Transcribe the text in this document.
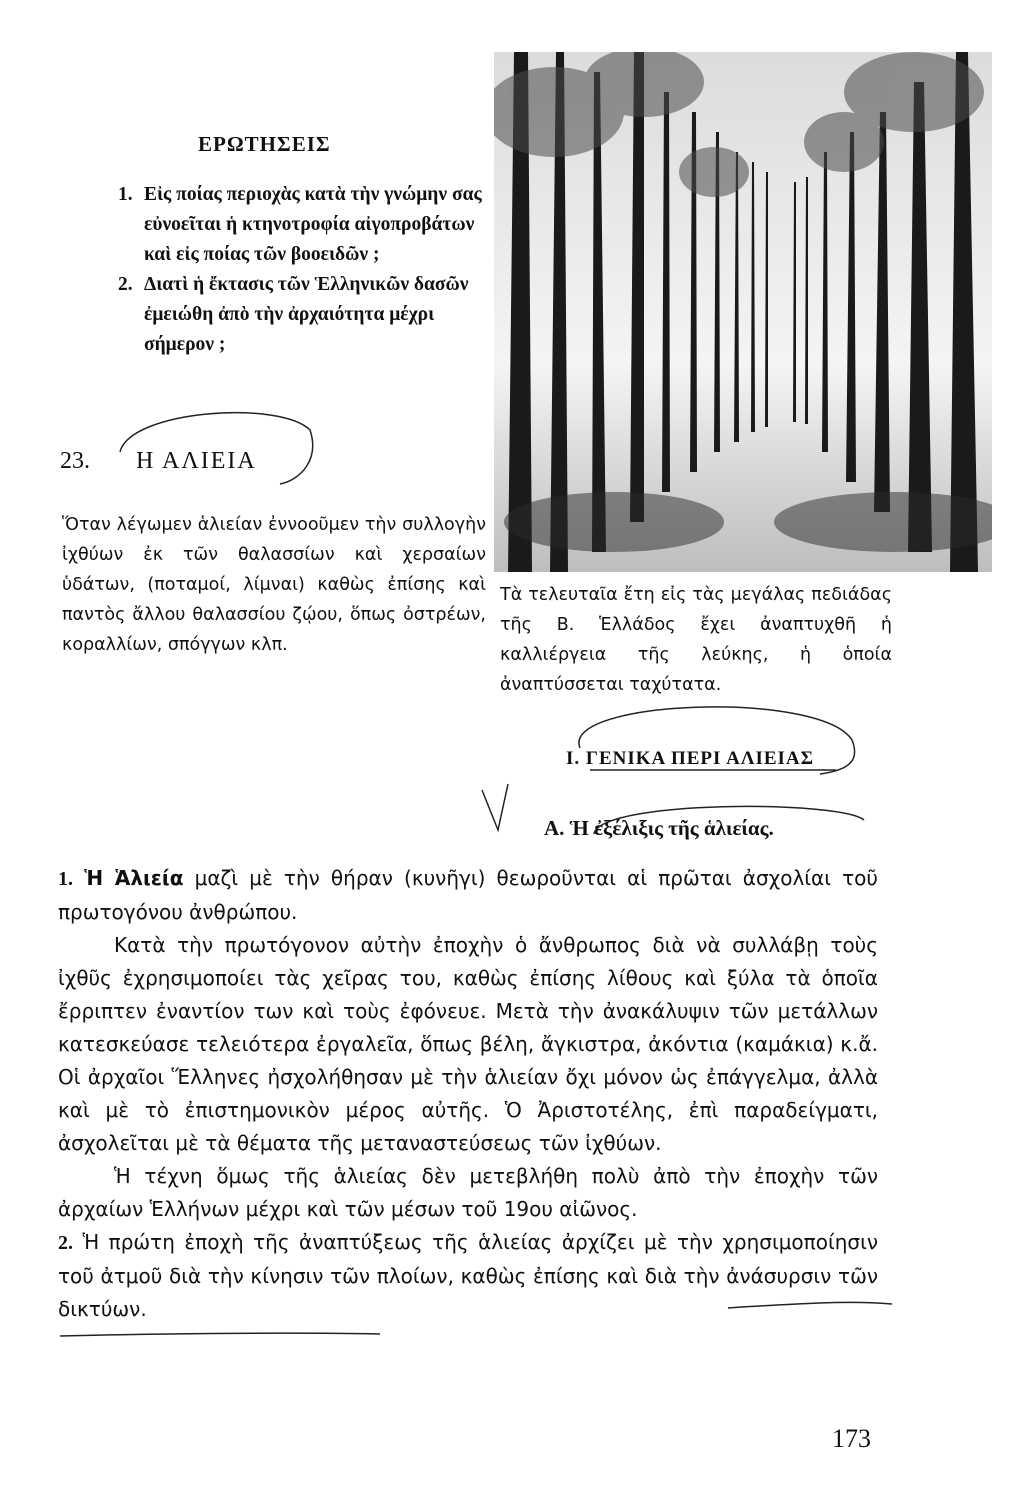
ΕΡΩΤΗΣΕΙΣ
1. Εἰς ποίας περιοχὰς κατὰ τὴν γνώμην σας εὐνοεῖται ἡ κτηνοτροφία αἰγοπροβάτων καὶ εἰς ποίας τῶν βοοειδῶν ;
2. Διατὶ ἡ ἔκτασις τῶν Ἑλληνικῶν δασῶν ἐμειώθη ἀπὸ τὴν ἀρχαιότητα μέχρι σήμερον ;
23. Η ΑΛΙΕΙΑ
Ὅταν λέγωμεν ἁλιείαν ἐννοοῦμεν τὴν συλλογὴν ἰχθύων ἐκ τῶν θαλασσίων καὶ χερσαίων ὑδάτων, (ποταμοί, λίμναι) καθὼς ἐπίσης καὶ παντὸς ἄλλου θαλασσίου ζῴου, ὅπως ὀστρέων, κοραλλίων, σπόγγων κλπ.
Τὰ τελευταῖα ἔτη εἰς τὰς μεγάλας πεδιάδας τῆς Β. Ἑλλάδος ἔχει ἀναπτυχθῆ ἡ καλλιέργεια τῆς λεύκης, ἡ ὁποία ἀναπτύσσεται ταχύτατα.
I. ΓΕΝΙΚΑ ΠΕΡΙ ΑΛΙΕΙΑΣ
Α. Ἡ ἐξέλιξις τῆς ἁλιείας.

1. Ἡ Ἁλιεία μαζὶ μὲ τὴν θήραν (κυνῆγι) θεωροῦνται αἱ πρῶται ἀσχολίαι τοῦ πρωτογόνου ἀνθρώπου.

Κατὰ τὴν πρωτόγονον αὐτὴν ἐποχὴν ὁ ἄνθρωπος διὰ νὰ συλλάβῃ τοὺς ἰχθῦς ἐχρησιμοποίει τὰς χεῖρας του, καθὼς ἐπίσης λίθους καὶ ξύλα τὰ ὁποῖα ἔρριπτεν ἐναντίον των καὶ τοὺς ἐφόνευε. Μετὰ τὴν ἀνακάλυψιν τῶν μετάλλων κατεσκεύασε τελειότερα ἐργαλεῖα, ὅπως βέλη, ἄγκιστρα, ἀκόντια (καμάκια) κ.ἄ. Οἱ ἀρχαῖοι Ἕλληνες ἠσχολήθησαν μὲ τὴν ἁλιείαν ὄχι μόνον ὡς ἐπάγγελμα, ἀλλὰ καὶ μὲ τὸ ἐπιστημονικὸν μέρος αὐτῆς. Ὁ Ἀριστοτέλης, ἐπὶ παραδείγματι, ἀσχολεῖται μὲ τὰ θέματα τῆς μεταναστεύσεως τῶν ἰχθύων.

Ἡ τέχνη ὅμως τῆς ἁλιείας δὲν μετεβλήθη πολὺ ἀπὸ τὴν ἐποχὴν τῶν ἀρχαίων Ἑλλήνων μέχρι καὶ τῶν μέσων τοῦ 19ου αἰῶνος.

2. Ἡ πρώτη ἐποχὴ τῆς ἀναπτύξεως τῆς ἁλιείας ἀρχίζει μὲ τὴν χρησιμοποίησιν τοῦ ἀτμοῦ διὰ τὴν κίνησιν τῶν πλοίων, καθὼς ἐπίσης καὶ διὰ τὴν ἀνάσυρσιν τῶν δικτύων.

173
